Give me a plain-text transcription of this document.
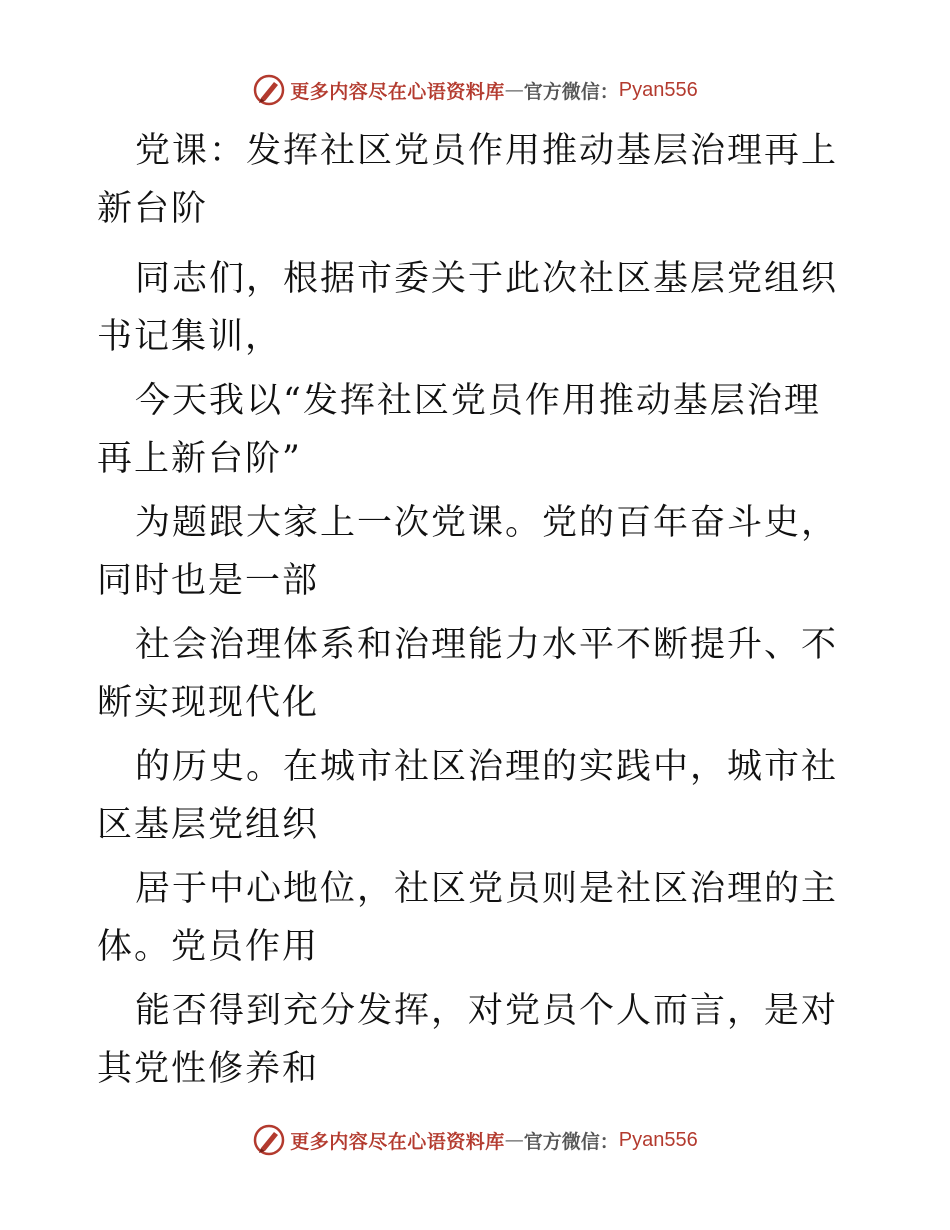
更多内容尽在心语资料库 — 官方微信： Pyan556

党课：发挥社区党员作用推动基层治理再上新台阶

同志们，根据市委关于此次社区基层党组织书记集训，

今天我以“发挥社区党员作用推动基层治理再上新台阶”

为题跟大家上一次党课。党的百年奋斗史，同时也是一部

社会治理体系和治理能力水平不断提升、不断实现现代化

的历史。在城市社区治理的实践中，城市社区基层党组织

居于中心地位，社区党员则是社区治理的主体。党员作用

能否得到充分发挥，对党员个人而言，是对其党性修养和

更多内容尽在心语资料库 — 官方微信： Pyan556
